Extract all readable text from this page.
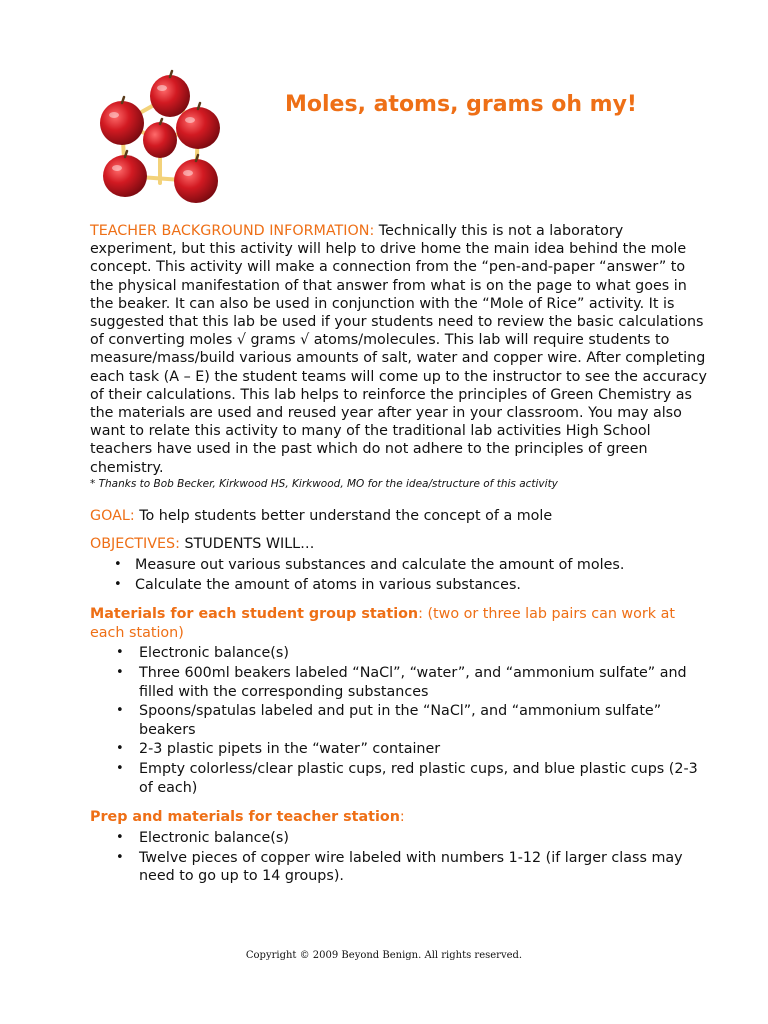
Moles, atoms, grams oh my!

TEACHER BACKGROUND INFORMATION: Technically this is not a laboratory experiment, but this activity will help to drive home the main idea behind the mole concept. This activity will make a connection from the “pen-and-paper “answer” to the physical manifestation of that answer from what is on the page to what goes in the beaker. It can also be used in conjunction with the “Mole of Rice” activity. It is suggested that this lab be used if your students need to review the basic calculations of converting moles √ grams √ atoms/molecules. This lab will require students to measure/mass/build various amounts of salt, water and copper wire. After completing each task (A – E) the student teams will come up to the instructor to see the accuracy of their calculations. This lab helps to reinforce the principles of Green Chemistry as the materials are used and reused year after year in your classroom. You may also want to relate this activity to many of the traditional lab activities High School teachers have used in the past which do not adhere to the principles of green chemistry.

* Thanks to Bob Becker, Kirkwood HS, Kirkwood, MO for the idea/structure of this activity

GOAL: To help students better understand the concept of a mole

OBJECTIVES: STUDENTS WILL…

• Measure out various substances and calculate the amount of moles.
• Calculate the amount of atoms in various substances.

Materials for each student group station: (two or three lab pairs can work at each station)

• Electronic balance(s)
• Three 600ml beakers labeled “NaCl”, “water”, and “ammonium sulfate” and filled with the corresponding substances
• Spoons/spatulas labeled and put in the “NaCl”, and “ammonium sulfate” beakers
• 2-3 plastic pipets in the “water” container
• Empty colorless/clear plastic cups, red plastic cups, and blue plastic cups (2-3 of each)

Prep and materials for teacher station:

• Electronic balance(s)
• Twelve pieces of copper wire labeled with numbers 1-12 (if larger class may need to go up to 14 groups).
Copyright © 2009 Beyond Benign. All rights reserved.
